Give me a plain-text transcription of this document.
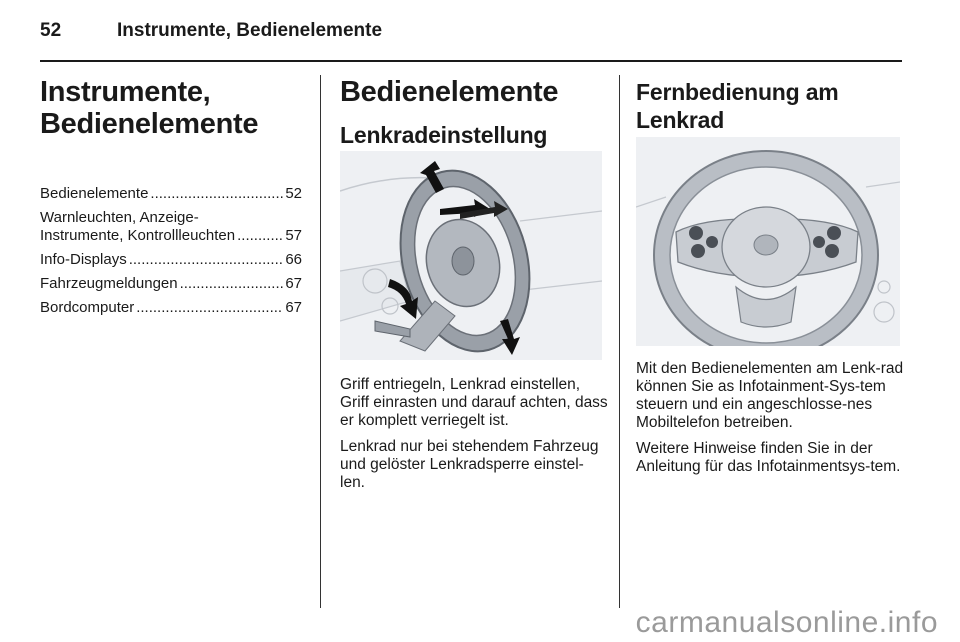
52	Instrumente, Bedienelemente
Instrumente,
Bedienelemente
Bedienelemente .....	52
Warnleuchten, Anzeige-
Instrumente, Kontrollleuchten .....	57
Info-Displays .....	66
Fahrzeugmeldungen .....	67
Bordcomputer .....	67
Bedienelemente
Lenkradeinstellung

Griff entriegeln, Lenkrad einstellen, Griff einrasten und darauf achten, dass er komplett verriegelt ist.

Lenkrad nur bei stehendem Fahrzeug und gelöster Lenkradsperre einstel-len.

Fernbedienung am
Lenkrad

Mit den Bedienelementen am Lenk-rad können Sie as Infotainment-Sys-tem steuern und ein angeschlosse-nes Mobiltelefon betreiben.

Weitere Hinweise finden Sie in der Anleitung für das Infotainmentsys-tem.

carmanualsonline.info
